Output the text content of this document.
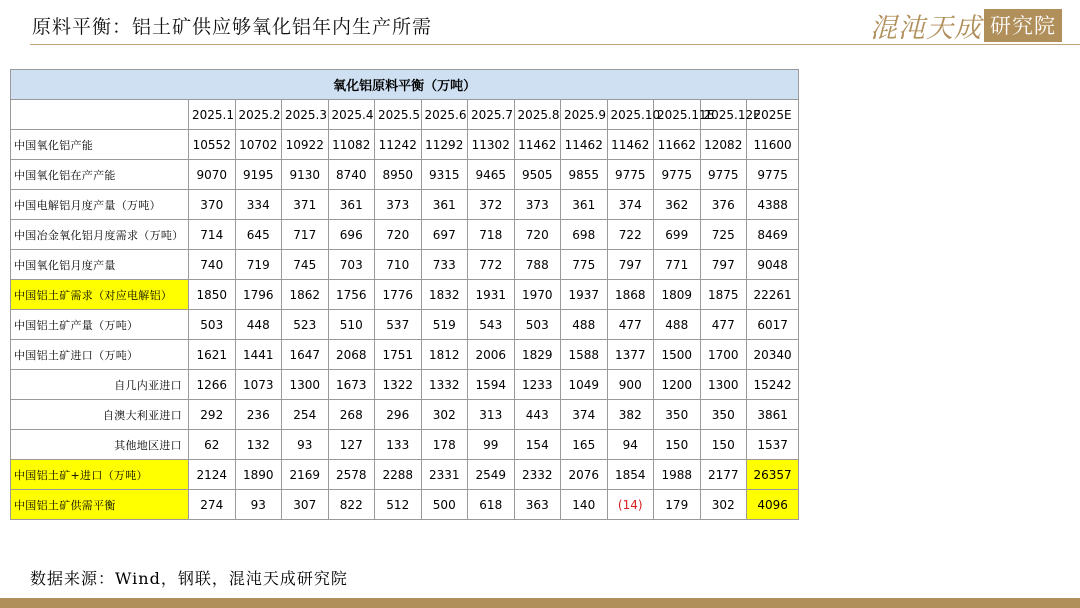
原料平衡：铝土矿供应够氧化铝年内生产所需	混沌天成 研究院
氧化铝原料平衡（万吨）													
	2025.1	2025.2	2025.3	2025.4	2025.5	2025.6	2025.7	2025.8	2025.9	2025.10	2025.11E	2025.12E	2025E
中国氧化铝产能	10552	10702	10922	11082	11242	11292	11302	11462	11462	11462	11662	12082	11600
中国氧化铝在产产能	9070	9195	9130	8740	8950	9315	9465	9505	9855	9775	9775	9775	9775
中国电解铝月度产量（万吨）	370	334	371	361	373	361	372	373	361	374	362	376	4388
中国冶金氧化铝月度需求（万吨）	714	645	717	696	720	697	718	720	698	722	699	725	8469
中国氧化铝月度产量	740	719	745	703	710	733	772	788	775	797	771	797	9048
中国铝土矿需求（对应电解铝）	1850	1796	1862	1756	1776	1832	1931	1970	1937	1868	1809	1875	22261
中国铝土矿产量（万吨）	503	448	523	510	537	519	543	503	488	477	488	477	6017
中国铝土矿进口（万吨）	1621	1441	1647	2068	1751	1812	2006	1829	1588	1377	1500	1700	20340
自几内亚进口	1266	1073	1300	1673	1322	1332	1594	1233	1049	900	1200	1300	15242
自澳大利亚进口	292	236	254	268	296	302	313	443	374	382	350	350	3861
其他地区进口	62	132	93	127	133	178	99	154	165	94	150	150	1537
中国铝土矿+进口（万吨）	2124	1890	2169	2578	2288	2331	2549	2332	2076	1854	1988	2177	26357
中国铝土矿供需平衡	274	93	307	822	512	500	618	363	140	(14)	179	302	4096
数据来源：Wind，钢联，混沌天成研究院
